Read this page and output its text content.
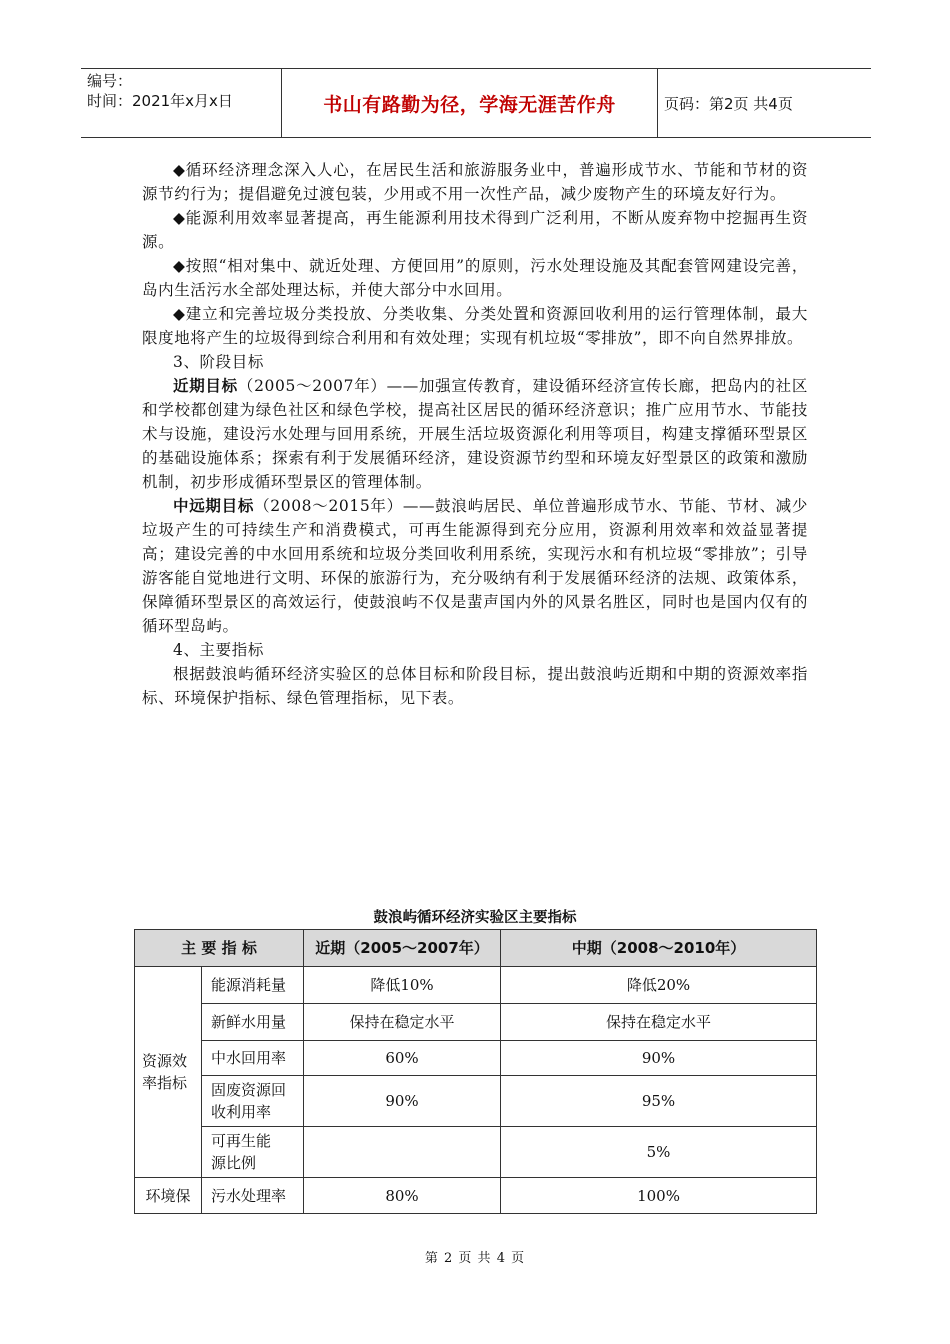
编号：
时间：2021年x月x日	书山有路勤为径，学海无涯苦作舟	页码：第2页 共4页

◆循环经济理念深入人心，在居民生活和旅游服务业中，普遍形成节水、节能和节材的资源节约行为；提倡避免过渡包装，少用或不用一次性产品，减少废物产生的环境友好行为。

◆能源利用效率显著提高，再生能源利用技术得到广泛利用，不断从废弃物中挖掘再生资源。

◆按照“相对集中、就近处理、方便回用”的原则，污水处理设施及其配套管网建设完善，岛内生活污水全部处理达标，并使大部分中水回用。

◆建立和完善垃圾分类投放、分类收集、分类处置和资源回收利用的运行管理体制，最大限度地将产生的垃圾得到综合利用和有效处理；实现有机垃圾“零排放”，即不向自然界排放。

3、阶段目标

近期目标（2005～2007年）——加强宣传教育，建设循环经济宣传长廊，把岛内的社区和学校都创建为绿色社区和绿色学校，提高社区居民的循环经济意识；推广应用节水、节能技术与设施，建设污水处理与回用系统，开展生活垃圾资源化利用等项目，构建支撑循环型景区的基础设施体系；探索有利于发展循环经济，建设资源节约型和环境友好型景区的政策和激励机制，初步形成循环型景区的管理体制。

中远期目标（2008～2015年）——鼓浪屿居民、单位普遍形成节水、节能、节材、减少垃圾产生的可持续生产和消费模式，可再生能源得到充分应用，资源利用效率和效益显著提高；建设完善的中水回用系统和垃圾分类回收利用系统，实现污水和有机垃圾“零排放”；引导游客能自觉地进行文明、环保的旅游行为，充分吸纳有利于发展循环经济的法规、政策体系，保障循环型景区的高效运行，使鼓浪屿不仅是蜚声国内外的风景名胜区，同时也是国内仅有的循环型岛屿。

4、主要指标

根据鼓浪屿循环经济实验区的总体目标和阶段目标，提出鼓浪屿近期和中期的资源效率指标、环境保护指标、绿色管理指标，见下表。

鼓浪屿循环经济实验区主要指标
主 要 指 标		近期（2005～2007年）	中期（2008～2010年）
资源效率指标	能源消耗量	降低10%	降低20%
	新鲜水用量	保持在稳定水平	保持在稳定水平
	中水回用率	60%	90%
	固废资源回收利用率	90%	95%
	可再生能源比例		5%
环境保	污水处理率	80%	100%
第 2 页 共 4 页
